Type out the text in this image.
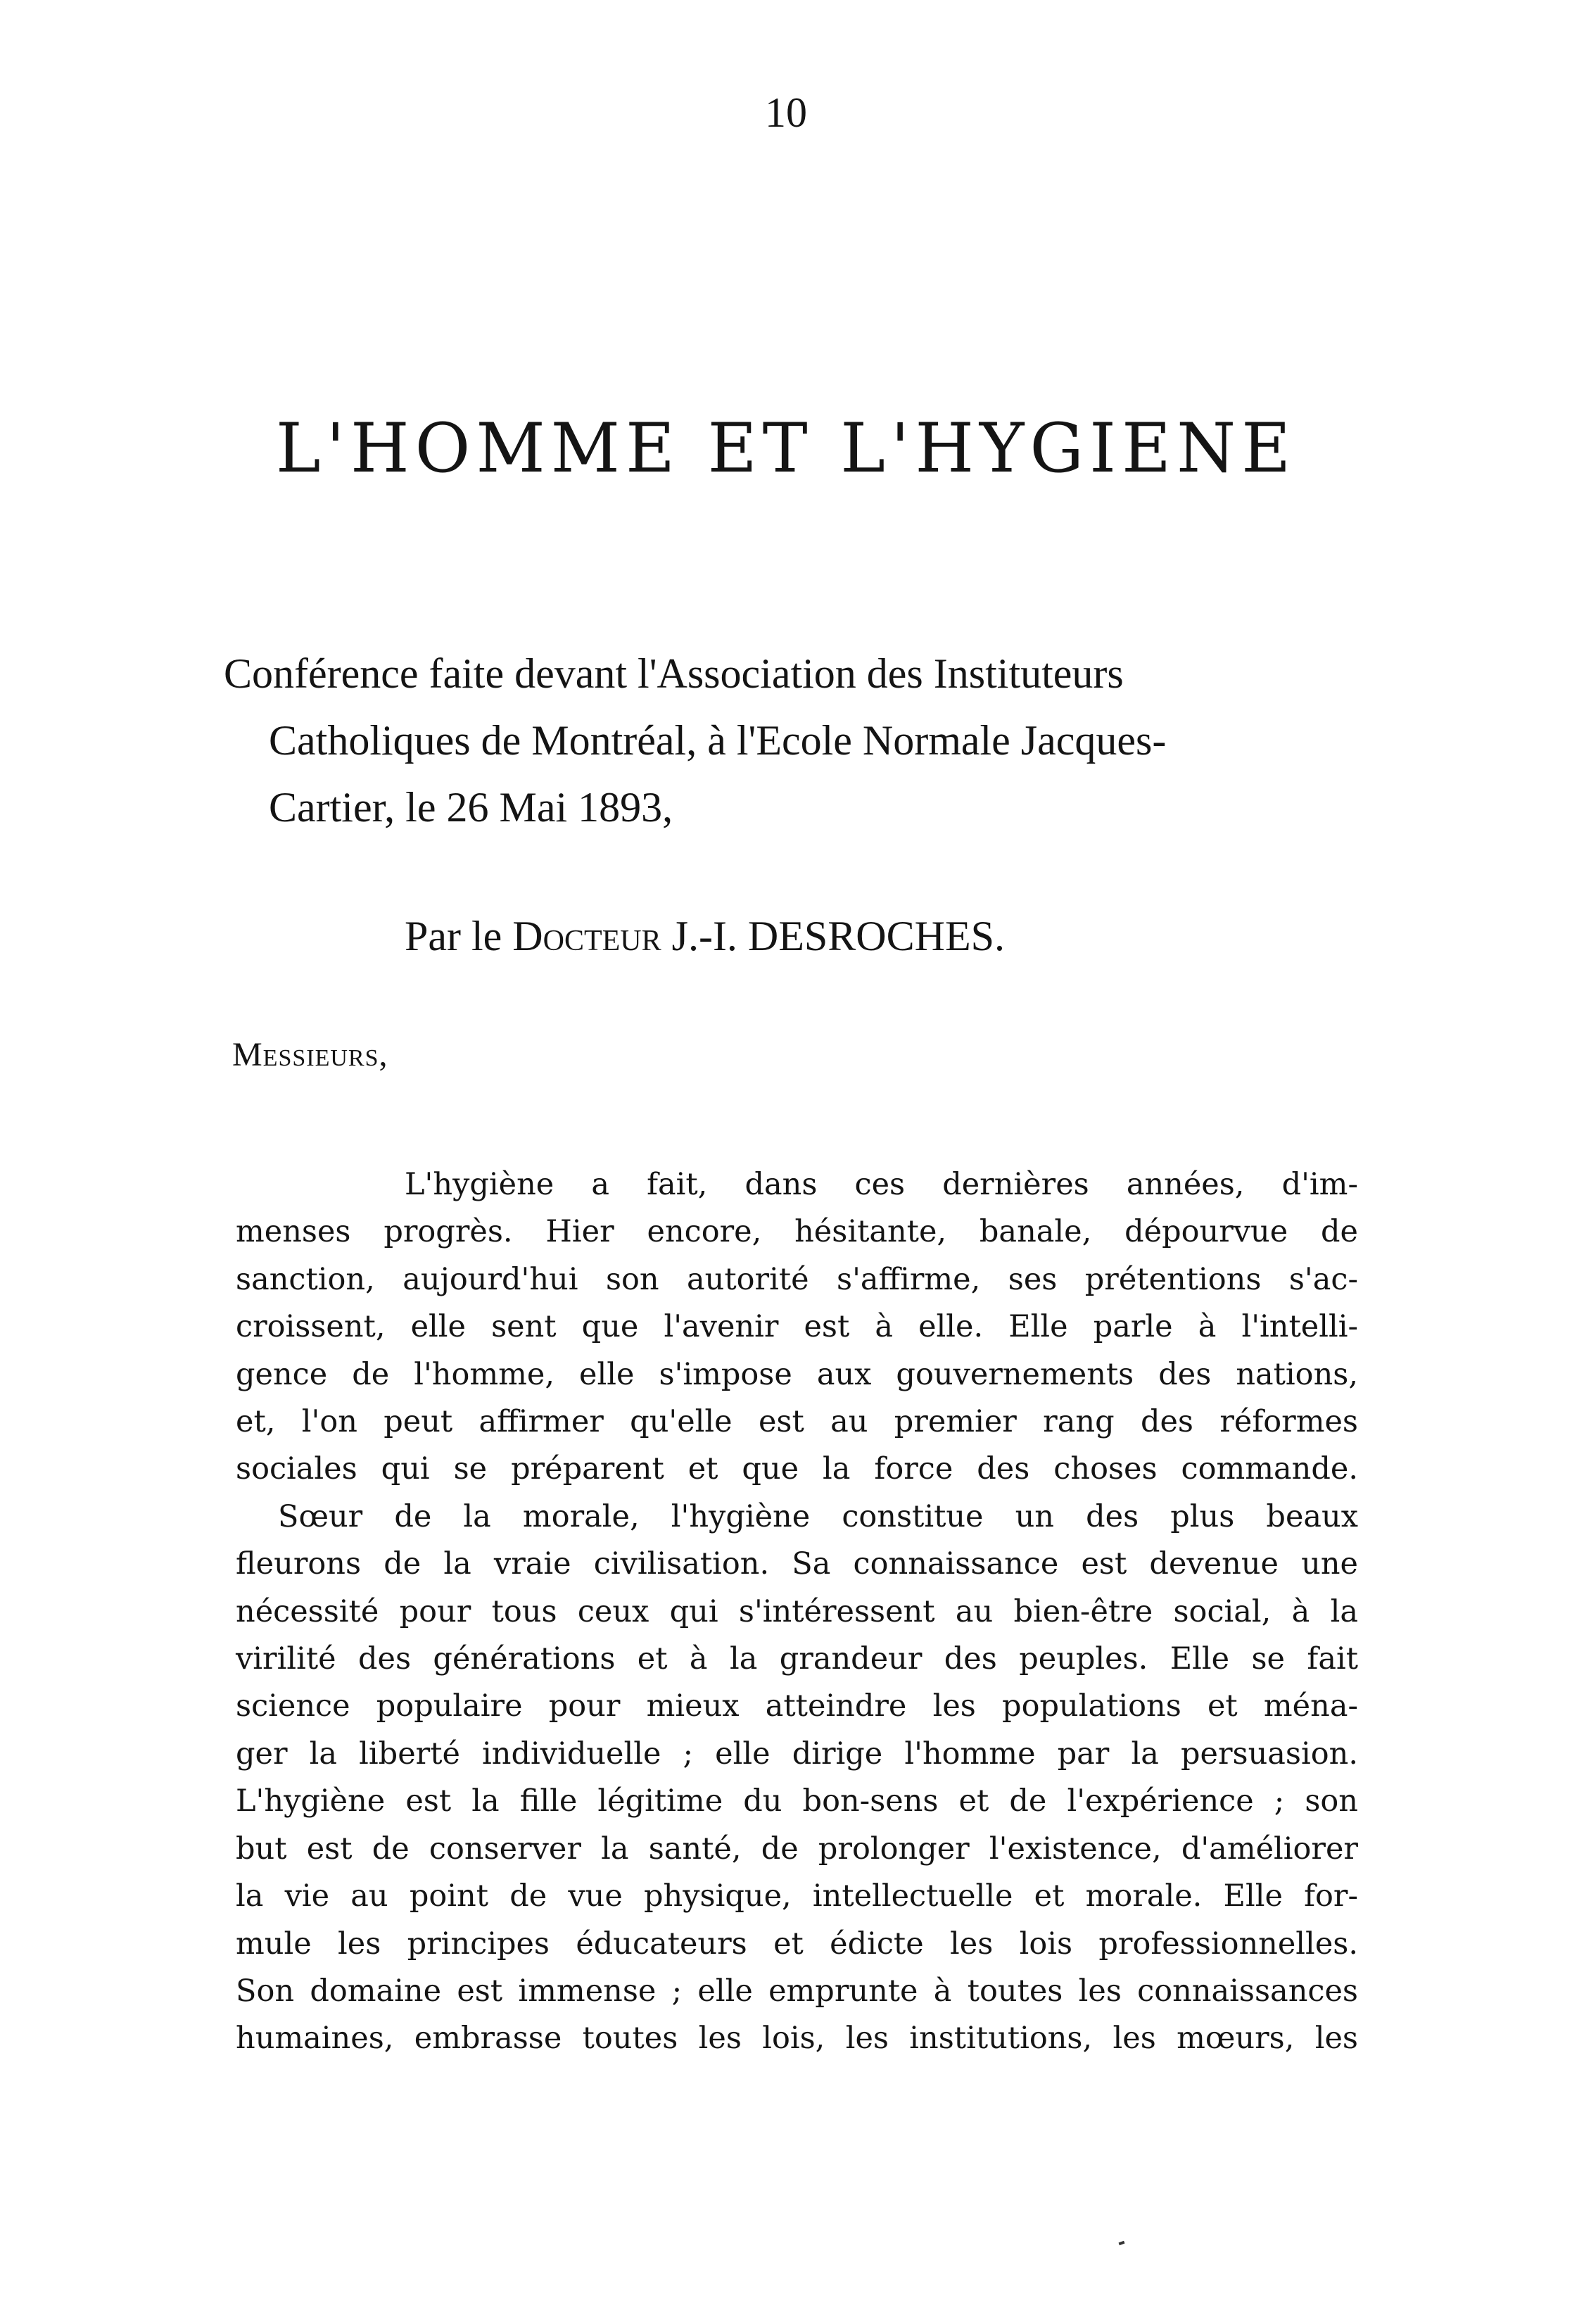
10
L'HOMME ET L'HYGIENE

Conférence faite devant l'Association des Instituteurs
Catholiques de Montréal, à l'Ecole Normale Jacques-
Cartier, le 26 Mai 1893,

Par le Docteur J.-I. DESROCHES.
Messieurs,
L'hygiène a fait, dans ces dernières années, d'im-
menses progrès. Hier encore, hésitante, banale, dépourvue de
sanction, aujourd'hui son autorité s'affirme, ses prétentions s'ac-
croissent, elle sent que l'avenir est à elle. Elle parle à l'intelli-
gence de l'homme, elle s'impose aux gouvernements des nations,
et, l'on peut affirmer qu'elle est au premier rang des réformes
sociales qui se préparent et que la force des choses commande.
Sœur de la morale, l'hygiène constitue un des plus beaux
fleurons de la vraie civilisation. Sa connaissance est devenue une
nécessité pour tous ceux qui s'intéressent au bien-être social, à la
virilité des générations et à la grandeur des peuples. Elle se fait
science populaire pour mieux atteindre les populations et ména-
ger la liberté individuelle ; elle dirige l'homme par la persuasion.
L'hygiène est la fille légitime du bon-sens et de l'expérience ; son
but est de conserver la santé, de prolonger l'existence, d'améliorer
la vie au point de vue physique, intellectuelle et morale. Elle for-
mule les principes éducateurs et édicte les lois professionnelles.
Son domaine est immense ; elle emprunte à toutes les connaissances
humaines, embrasse toutes les lois, les institutions, les mœurs, les
